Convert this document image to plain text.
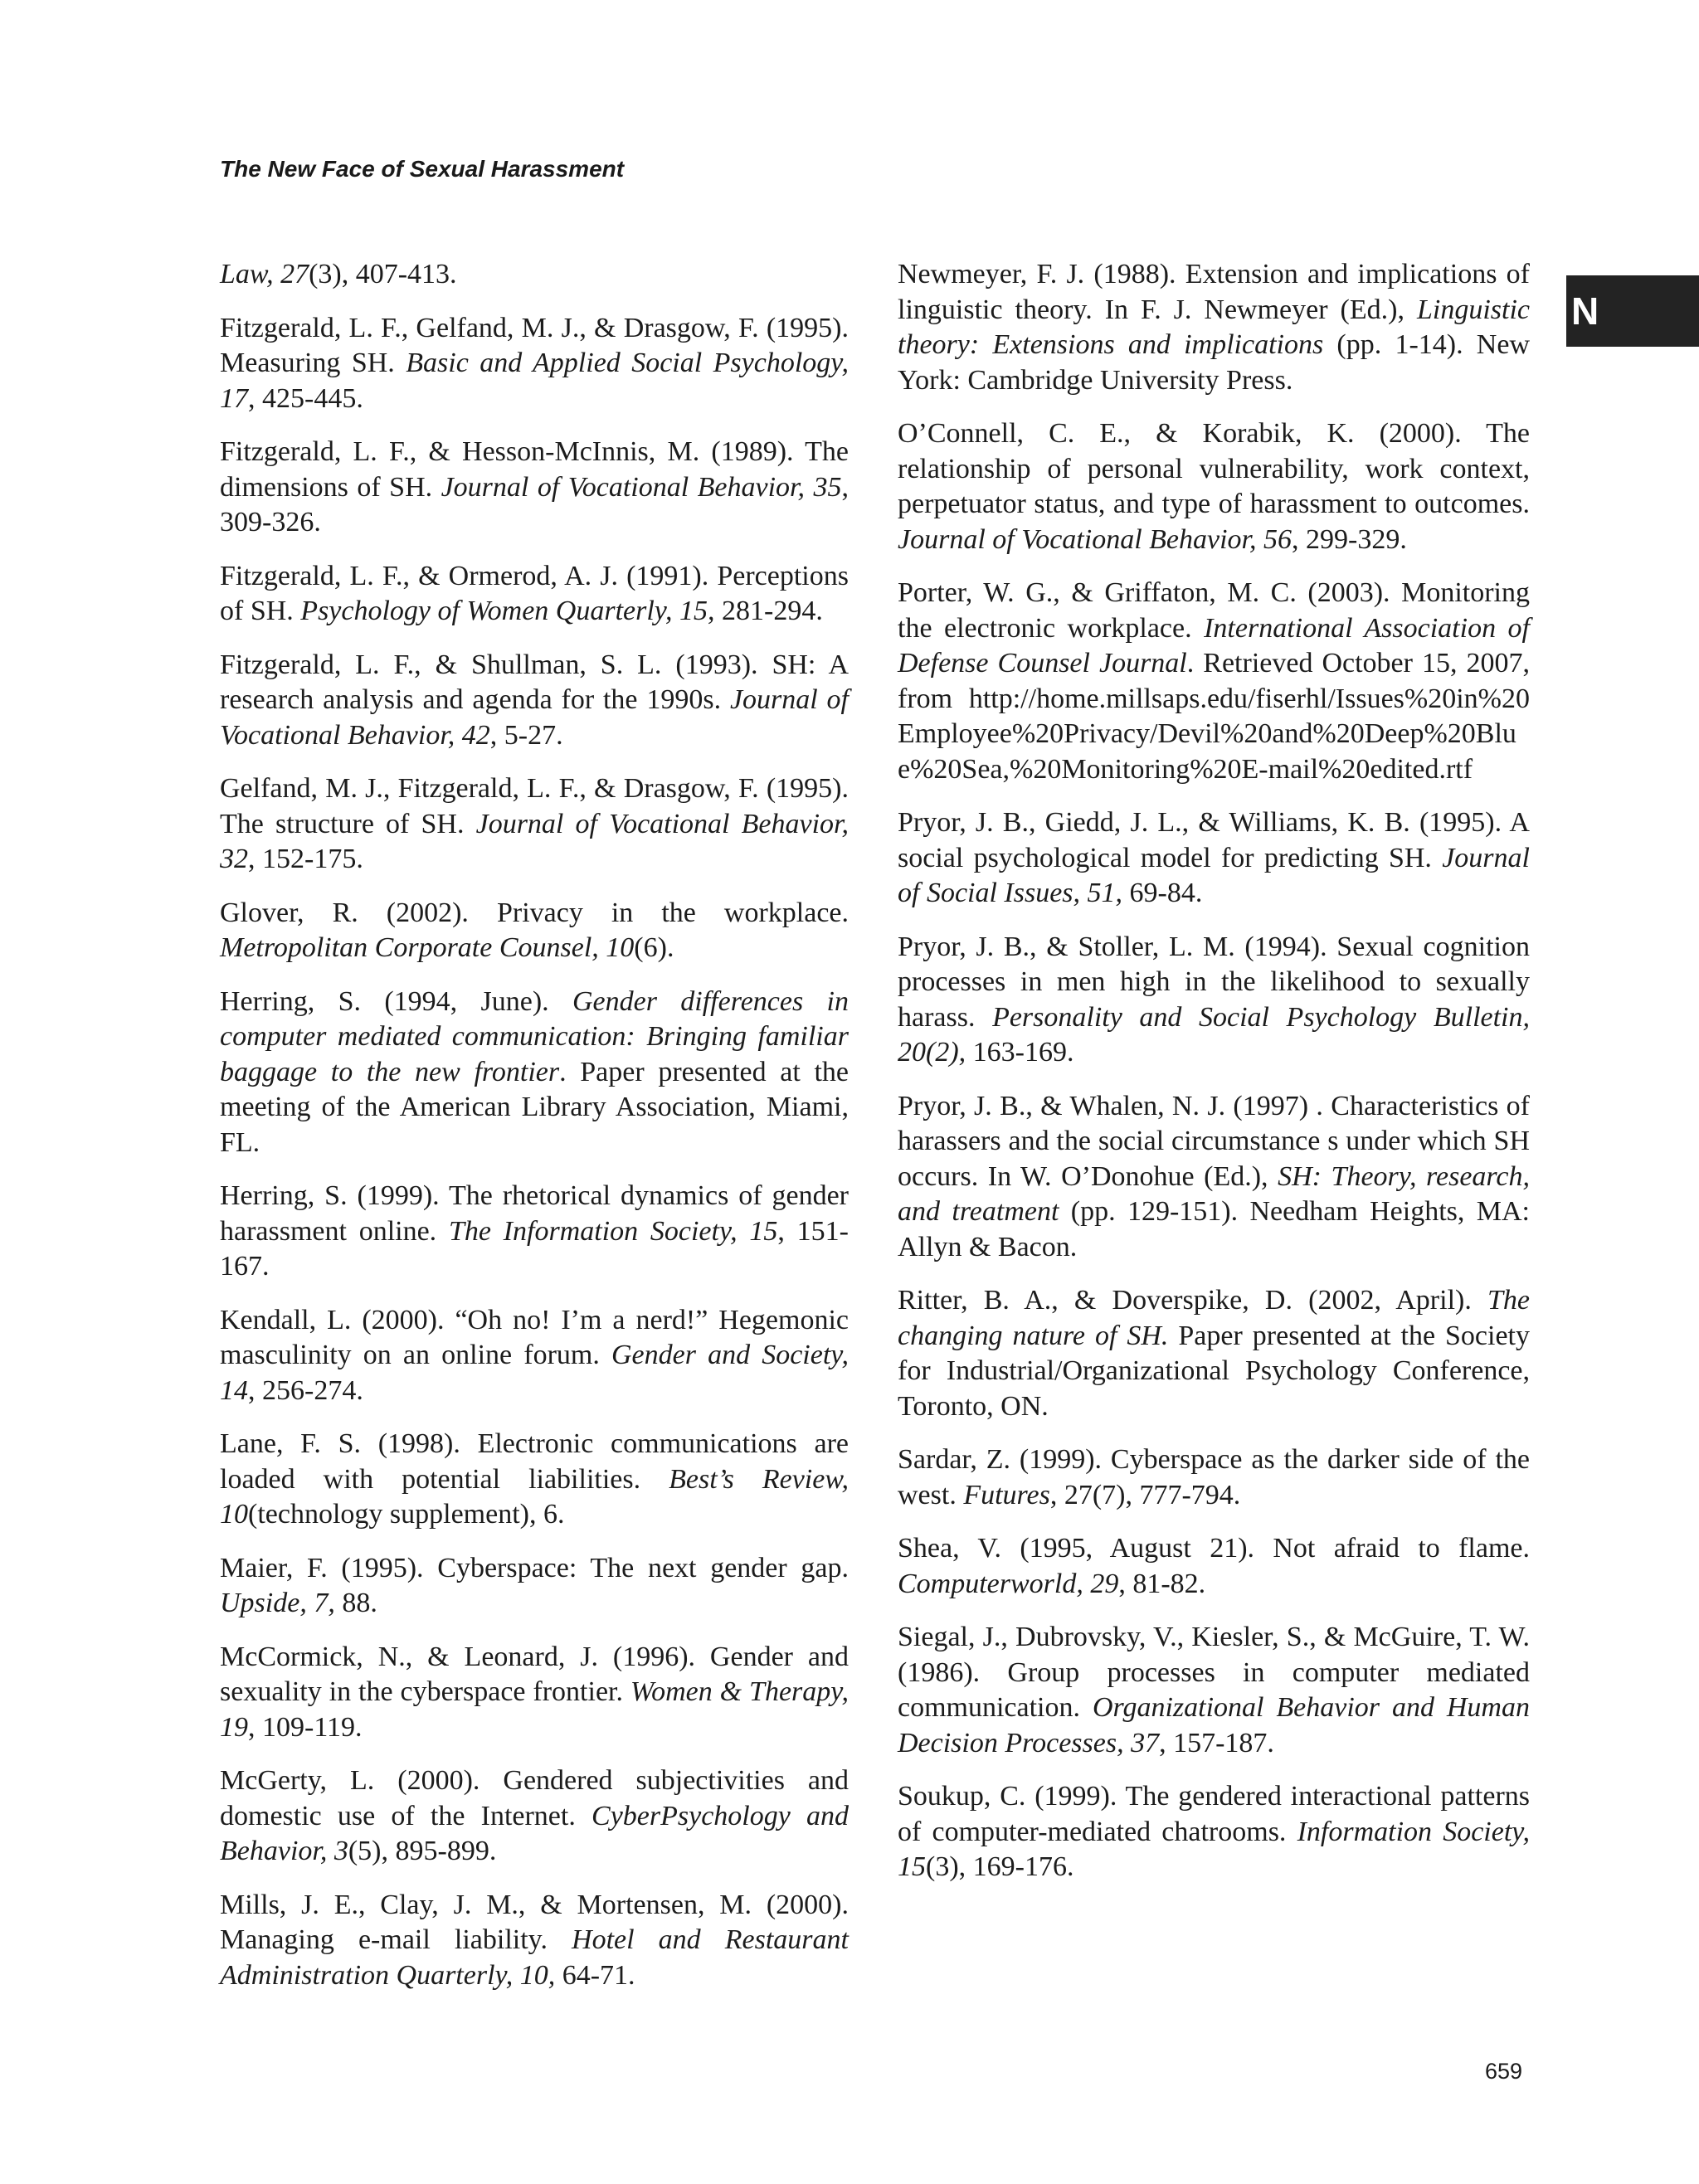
The New Face of Sexual Harassment
N

Law, 27(3), 407-413.

Fitzgerald, L. F., Gelfand, M. J., & Drasgow, F. (1995). Measuring SH. Basic and Applied Social Psychology, 17, 425-445.

Fitzgerald, L. F., & Hesson-McInnis, M. (1989). The dimensions of SH. Journal of Vocational Behavior, 35, 309-326.

Fitzgerald, L. F., & Ormerod, A. J. (1991). Perceptions of SH. Psychology of Women Quarterly, 15, 281-294.

Fitzgerald, L. F., & Shullman, S. L. (1993). SH: A research analysis and agenda for the 1990s. Journal of Vocational Behavior, 42, 5-27.

Gelfand, M. J., Fitzgerald, L. F., & Drasgow, F. (1995). The structure of SH. Journal of Vocational Behavior, 32, 152-175.

Glover, R. (2002). Privacy in the workplace. Metropolitan Corporate Counsel, 10(6).

Herring, S. (1994, June). Gender differences in computer mediated communication: Bringing familiar baggage to the new frontier. Paper presented at the meeting of the American Library Association, Miami, FL.

Herring, S. (1999). The rhetorical dynamics of gender harassment online. The Information Society, 15, 151-167.

Kendall, L. (2000). “Oh no! I’m a nerd!” Hegemonic masculinity on an online forum. Gender and Society, 14, 256-274.

Lane, F. S. (1998). Electronic communications are loaded with potential liabilities. Best’s Review, 10(technology supplement), 6.

Maier, F. (1995). Cyberspace: The next gender gap. Upside, 7, 88.

McCormick, N., & Leonard, J. (1996). Gender and sexuality in the cyberspace frontier. Women & Therapy, 19, 109-119.

McGerty, L. (2000). Gendered subjectivities and domestic use of the Internet. CyberPsychology and Behavior, 3(5), 895-899.

Mills, J. E., Clay, J. M., & Mortensen, M. (2000). Managing e-mail liability. Hotel and Restaurant Administration Quarterly, 10, 64-71.

Newmeyer, F. J. (1988). Extension and implications of linguistic theory. In F. J. Newmeyer (Ed.), Linguistic theory: Extensions and implications (pp. 1-14). New York: Cambridge University Press.

O’Connell, C. E., & Korabik, K. (2000). The relationship of personal vulnerability, work context, perpetuator status, and type of harassment to outcomes. Journal of Vocational Behavior, 56, 299-329.

Porter, W. G., & Griffaton, M. C. (2003). Monitoring the electronic workplace. International Association of Defense Counsel Journal. Retrieved October 15, 2007, from http://home.millsaps.edu/fiserhl/Issues%20in%20Employee%20Privacy/Devil%20and%20Deep%20Blue%20Sea,%20Monitoring%20E-mail%20edited.rtf

Pryor, J. B., Giedd, J. L., & Williams, K. B. (1995). A social psychological model for predicting SH. Journal of Social Issues, 51, 69-84.

Pryor, J. B., & Stoller, L. M. (1994). Sexual cognition processes in men high in the likelihood to sexually harass. Personality and Social Psychology Bulletin, 20(2), 163-169.

Pryor, J. B., & Whalen, N. J. (1997) . Characteristics of harassers and the social circumstance s under which SH occurs. In W. O’Donohue (Ed.), SH: Theory, research, and treatment (pp. 129-151). Needham Heights, MA: Allyn & Bacon.

Ritter, B. A., & Doverspike, D. (2002, April). The changing nature of SH. Paper presented at the Society for Industrial/Organizational Psychology Conference, Toronto, ON.

Sardar, Z. (1999). Cyberspace as the darker side of the west. Futures, 27(7), 777-794.

Shea, V. (1995, August 21). Not afraid to flame. Computerworld, 29, 81-82.

Siegal, J., Dubrovsky, V., Kiesler, S., & McGuire, T. W. (1986). Group processes in computer mediated communication. Organizational Behavior and Human Decision Processes, 37, 157-187.

Soukup, C. (1999). The gendered interactional patterns of computer-mediated chatrooms. Information Society, 15(3), 169-176.

659
